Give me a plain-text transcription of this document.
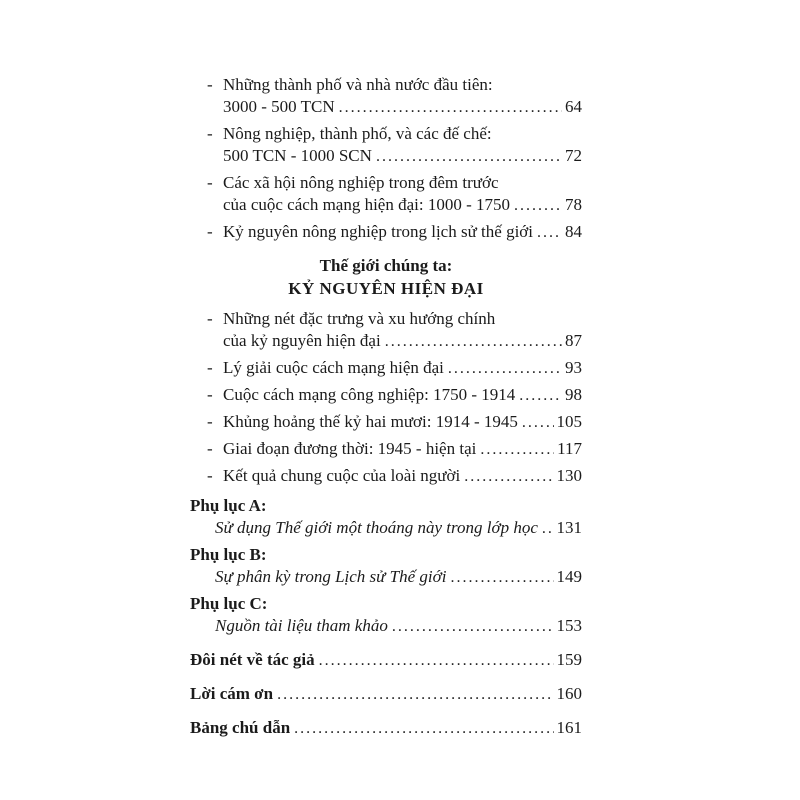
- Những thành phố và nhà nước đầu tiên:
3000 - 500 TCN .....	64
- Nông nghiệp, thành phố, và các đế chế:
500 TCN - 1000 SCN .....	72
- Các xã hội nông nghiệp trong đêm trước
của cuộc cách mạng hiện đại: 1000 - 1750 .....	78
- Kỷ nguyên nông nghiệp trong lịch sử thế giới ..... 84
Thế giới chúng ta:
KỶ NGUYÊN HIỆN ĐẠI
- Những nét đặc trưng và xu hướng chính
của kỷ nguyên hiện đại .....	87
- Lý giải cuộc cách mạng hiện đại .....	93
- Cuộc cách mạng công nghiệp: 1750 - 1914 .....	98
- Khủng hoảng thế kỷ hai mươi: 1914 - 1945 ..... 105
- Giai đoạn đương thời: 1945 - hiện tại .....	117
- Kết quả chung cuộc của loài người .....	130
Phụ lục A:
Sử dụng Thế giới một thoáng này trong lớp học ..... 131
Phụ lục B:
Sự phân kỳ trong Lịch sử Thế giới .....	149
Phụ lục C:
Nguồn tài liệu tham khảo .....	153
Đôi nét về tác giả .....	159
Lời cám ơn .....	160
Bảng chú dẫn .....	161
